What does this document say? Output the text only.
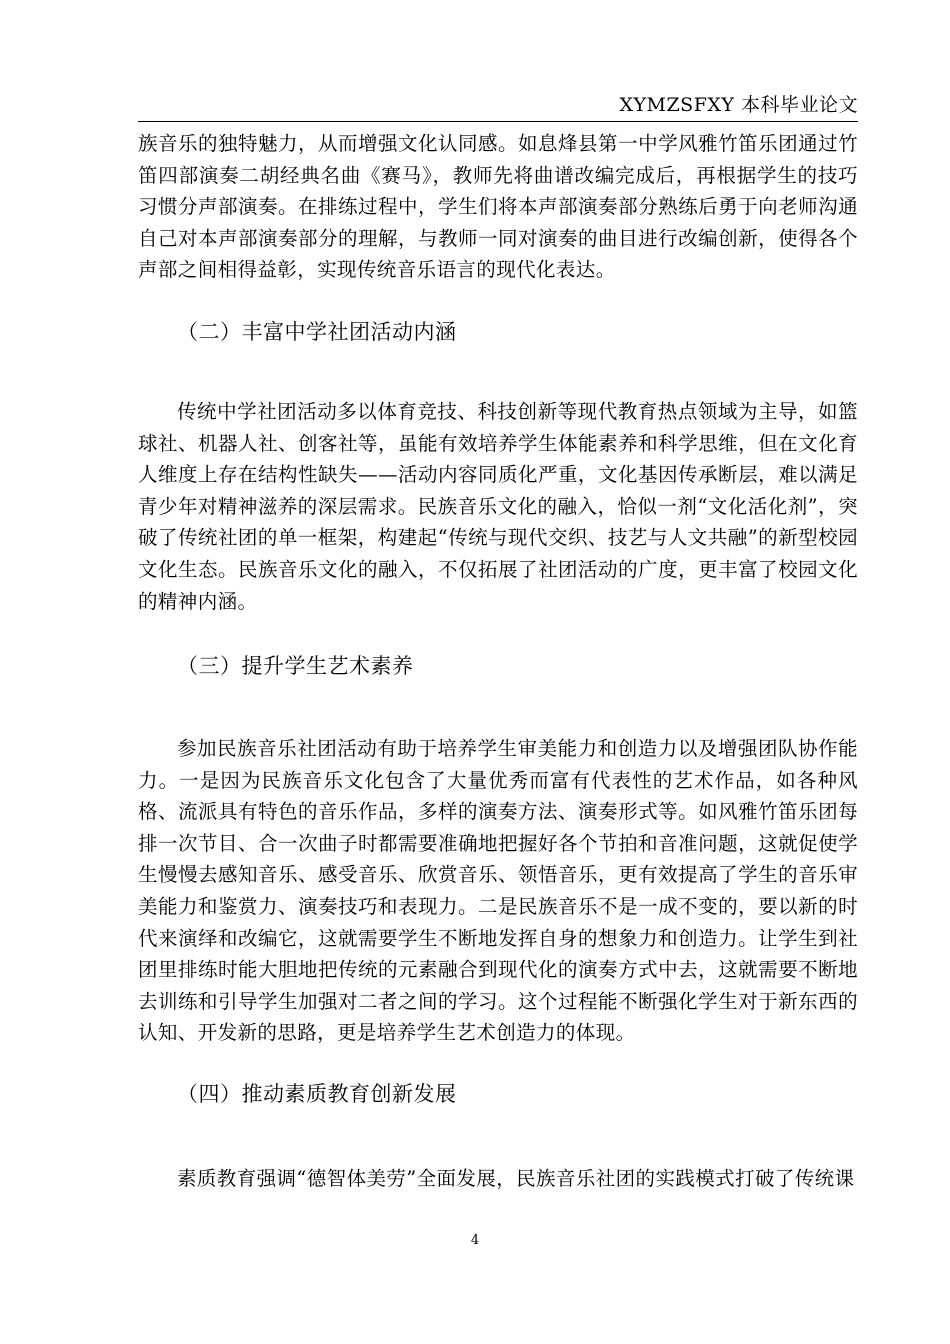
XYMZSFXY 本科毕业论文

族音乐的独特魅力，从而增强文化认同感。如息烽县第一中学风雅竹笛乐团通过竹笛四部演奏二胡经典名曲《赛马》，教师先将曲谱改编完成后，再根据学生的技巧习惯分声部演奏。在排练过程中，学生们将本声部演奏部分熟练后勇于向老师沟通自己对本声部演奏部分的理解，与教师一同对演奏的曲目进行改编创新，使得各个声部之间相得益彰，实现传统音乐语言的现代化表达。

（二）丰富中学社团活动内涵

传统中学社团活动多以体育竞技、科技创新等现代教育热点领域为主导，如篮球社、机器人社、创客社等，虽能有效培养学生体能素养和科学思维，但在文化育人维度上存在结构性缺失——活动内容同质化严重，文化基因传承断层，难以满足青少年对精神滋养的深层需求。民族音乐文化的融入，恰似一剂“文化活化剂”，突破了传统社团的单一框架，构建起“传统与现代交织、技艺与人文共融”的新型校园文化生态。民族音乐文化的融入，不仅拓展了社团活动的广度，更丰富了校园文化的精神内涵。

（三）提升学生艺术素养

参加民族音乐社团活动有助于培养学生审美能力和创造力以及增强团队协作能力。一是因为民族音乐文化包含了大量优秀而富有代表性的艺术作品，如各种风格、流派具有特色的音乐作品，多样的演奏方法、演奏形式等。如风雅竹笛乐团每排一次节目、合一次曲子时都需要准确地把握好各个节拍和音准问题，这就促使学生慢慢去感知音乐、感受音乐、欣赏音乐、领悟音乐，更有效提高了学生的音乐审美能力和鉴赏力、演奏技巧和表现力。二是民族音乐不是一成不变的，要以新的时代来演绎和改编它，这就需要学生不断地发挥自身的想象力和创造力。让学生到社团里排练时能大胆地把传统的元素融合到现代化的演奏方式中去，这就需要不断地去训练和引导学生加强对二者之间的学习。这个过程能不断强化学生对于新东西的认知、开发新的思路，更是培养学生艺术创造力的体现。

（四）推动素质教育创新发展

素质教育强调“德智体美劳”全面发展，民族音乐社团的实践模式打破了传统课

4
